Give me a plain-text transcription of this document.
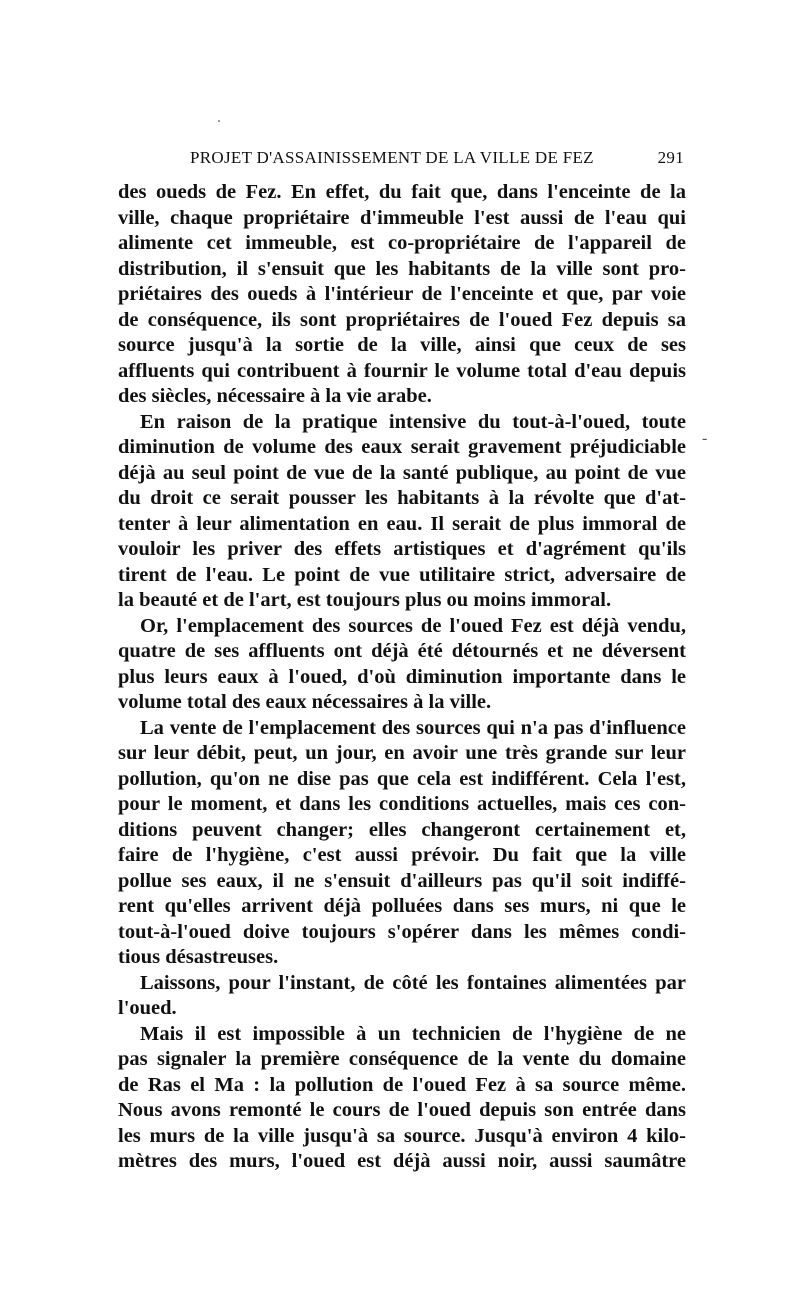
PROJET D'ASSAINISSEMENT DE LA VILLE DE FEZ	291
des oueds de Fez. En effet, du fait que, dans l'enceinte de la
ville, chaque propriétaire d'immeuble l'est aussi de l'eau qui
alimente cet immeuble, est co-propriétaire de l'appareil de
distribution, il s'ensuit que les habitants de la ville sont pro-
priétaires des oueds à l'intérieur de l'enceinte et que, par voie
de conséquence, ils sont propriétaires de l'oued Fez depuis sa
source jusqu'à la sortie de la ville, ainsi que ceux de ses
affluents qui contribuent à fournir le volume total d'eau depuis
des siècles, nécessaire à la vie arabe.
En raison de la pratique intensive du tout-à-l'oued, toute
diminution de volume des eaux serait gravement préjudiciable
déjà au seul point de vue de la santé publique, au point de vue
du droit ce serait pousser les habitants à la révolte que d'at-
tenter à leur alimentation en eau. Il serait de plus immoral de
vouloir les priver des effets artistiques et d'agrément qu'ils
tirent de l'eau. Le point de vue utilitaire strict, adversaire de
la beauté et de l'art, est toujours plus ou moins immoral.
Or, l'emplacement des sources de l'oued Fez est déjà vendu,
quatre de ses affluents ont déjà été détournés et ne déversent
plus leurs eaux à l'oued, d'où diminution importante dans le
volume total des eaux nécessaires à la ville.
La vente de l'emplacement des sources qui n'a pas d'influence
sur leur débit, peut, un jour, en avoir une très grande sur leur
pollution, qu'on ne dise pas que cela est indifférent. Cela l'est,
pour le moment, et dans les conditions actuelles, mais ces con-
ditions peuvent changer; elles changeront certainement et,
faire de l'hygiène, c'est aussi prévoir. Du fait que la ville
pollue ses eaux, il ne s'ensuit d'ailleurs pas qu'il soit indiffé-
rent qu'elles arrivent déjà polluées dans ses murs, ni que le
tout-à-l'oued doive toujours s'opérer dans les mêmes condi-
tious désastreuses.
Laissons, pour l'instant, de côté les fontaines alimentées par
l'oued.
Mais il est impossible à un technicien de l'hygiène de ne
pas signaler la première conséquence de la vente du domaine
de Ras el Ma : la pollution de l'oued Fez à sa source même.
Nous avons remonté le cours de l'oued depuis son entrée dans
les murs de la ville jusqu'à sa source. Jusqu'à environ 4 kilo-
mètres des murs, l'oued est déjà aussi noir, aussi saumâtre
-
